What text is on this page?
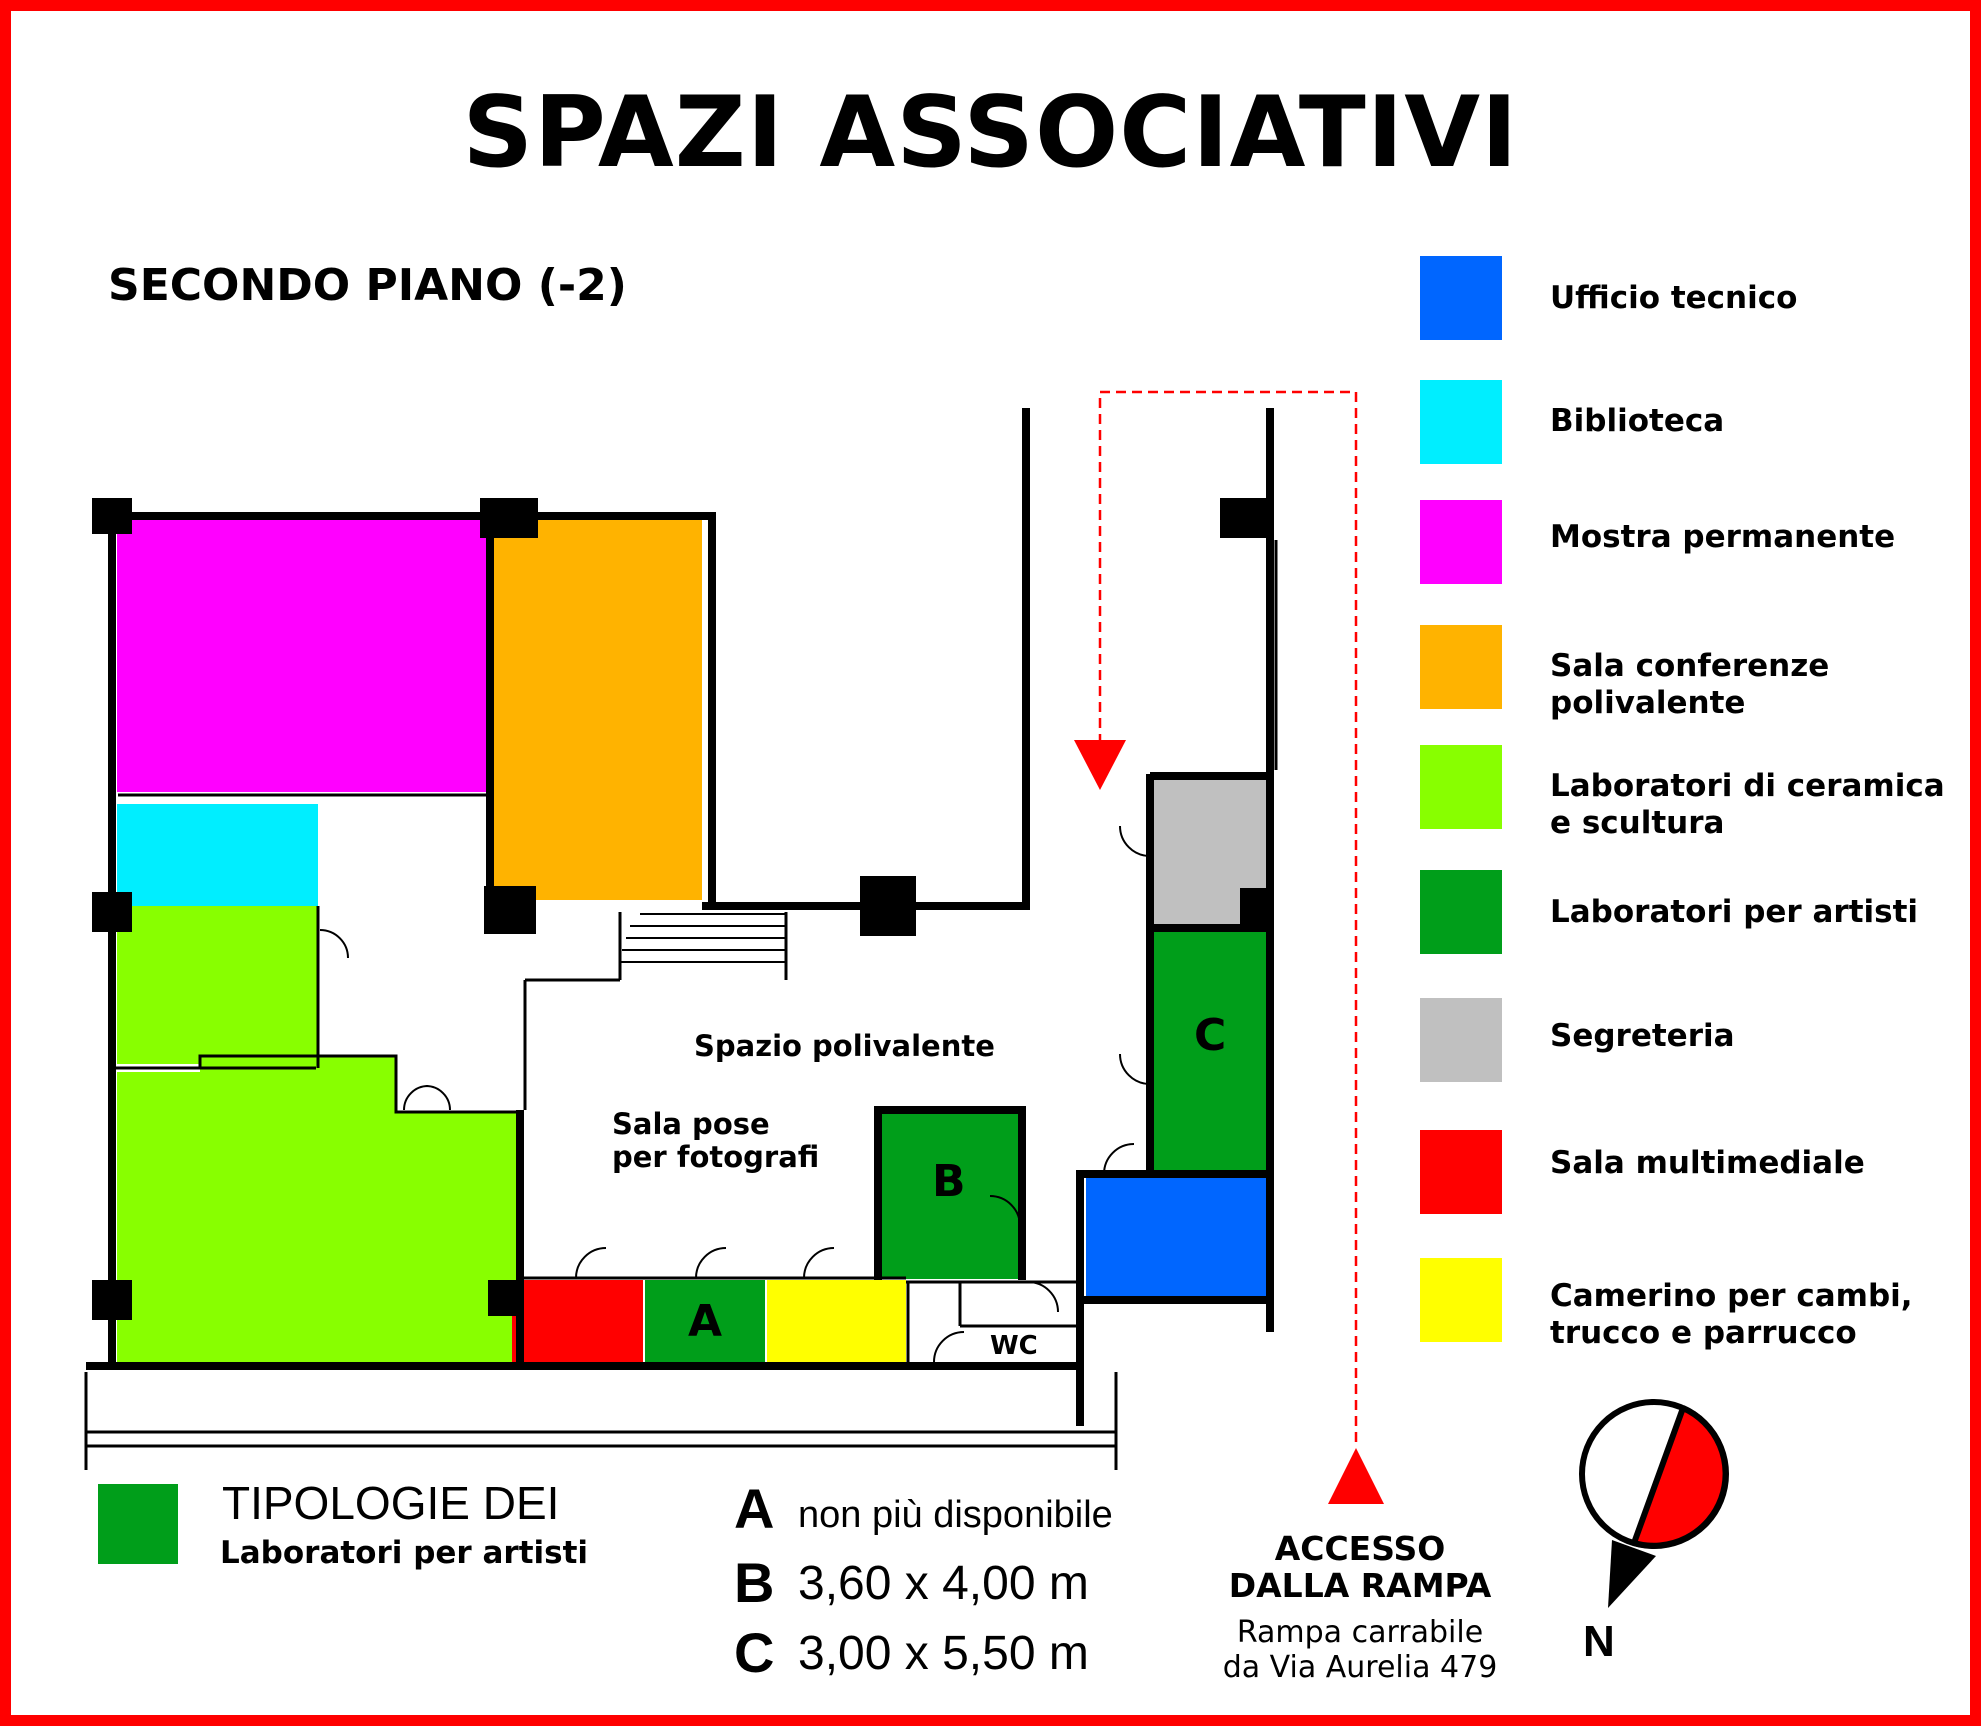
SPAZI ASSOCIATIVI
SECONDO PIANO (-2)	Ufficio tecnico
Biblioteca
Mostra permanente
Sala conferenze
polivalente
Laboratori di ceramica
e scultura
Laboratori per artisti
Segreteria
Sala multimediale
Camerino per cambi,
trucco e parrucco
Spazio polivalente
Sala pose
per fotografi
WC
A
B
C
TIPOLOGIE DEI
Laboratori per artisti
A non più disponibile
B 3,60 x 4,00 m
C 3,00 x 5,50 m
ACCESSO
DALLA RAMPA
Rampa carrabile
da Via Aurelia 479
N
